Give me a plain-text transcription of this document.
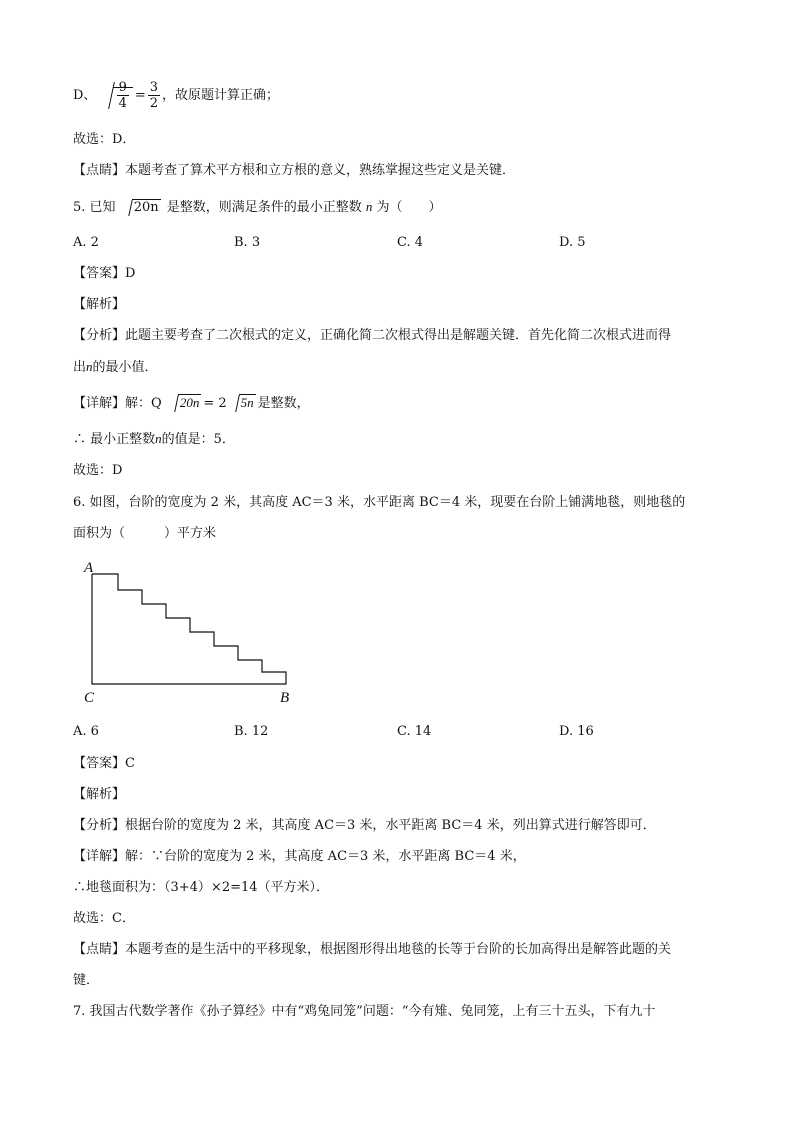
D、 $\frac{9}{4} = \frac{3}{2}$ ，故原题计算正确；
故选：D．
【点睛】本题考查了算术平方根和立方根的意义，熟练掌握这些定义是关键．
5. 已知 20n 是整数，则满足条件的最小正整数 n 为（　　）
A. 2	B. 3	C. 4	D. 5
【答案】D
【解析】
【分析】此题主要考查了二次根式的定义，正确化简二次根式得出是解题关键．首先化简二次根式进而得
出n的最小值．
【详解】解：Q 20n = 2 5n 是整数，
∴ 最小正整数n的值是：5．
故选：D
6. 如图，台阶的宽度为 2 米，其高度 AC＝3 米，水平距离 BC＝4 米，现要在台阶上铺满地毯，则地毯的
面积为（　　　）平方米
A
C	B
A. 6	B. 12	C. 14	D. 16
【答案】C
【解析】
【分析】根据台阶的宽度为 2 米，其高度 AC＝3 米，水平距离 BC＝4 米，列出算式进行解答即可．
【详解】解：∵台阶的宽度为 2 米，其高度 AC＝3 米，水平距离 BC＝4 米，
∴地毯面积为：（3+4）×2=14（平方米）．
故选：C．
【点睛】本题考查的是生活中的平移现象，根据图形得出地毯的长等于台阶的长加高得出是解答此题的关
键．
7. 我国古代数学著作《孙子算经》中有“鸡兔同笼”问题：“今有雉、兔同笼，上有三十五头，下有九十
